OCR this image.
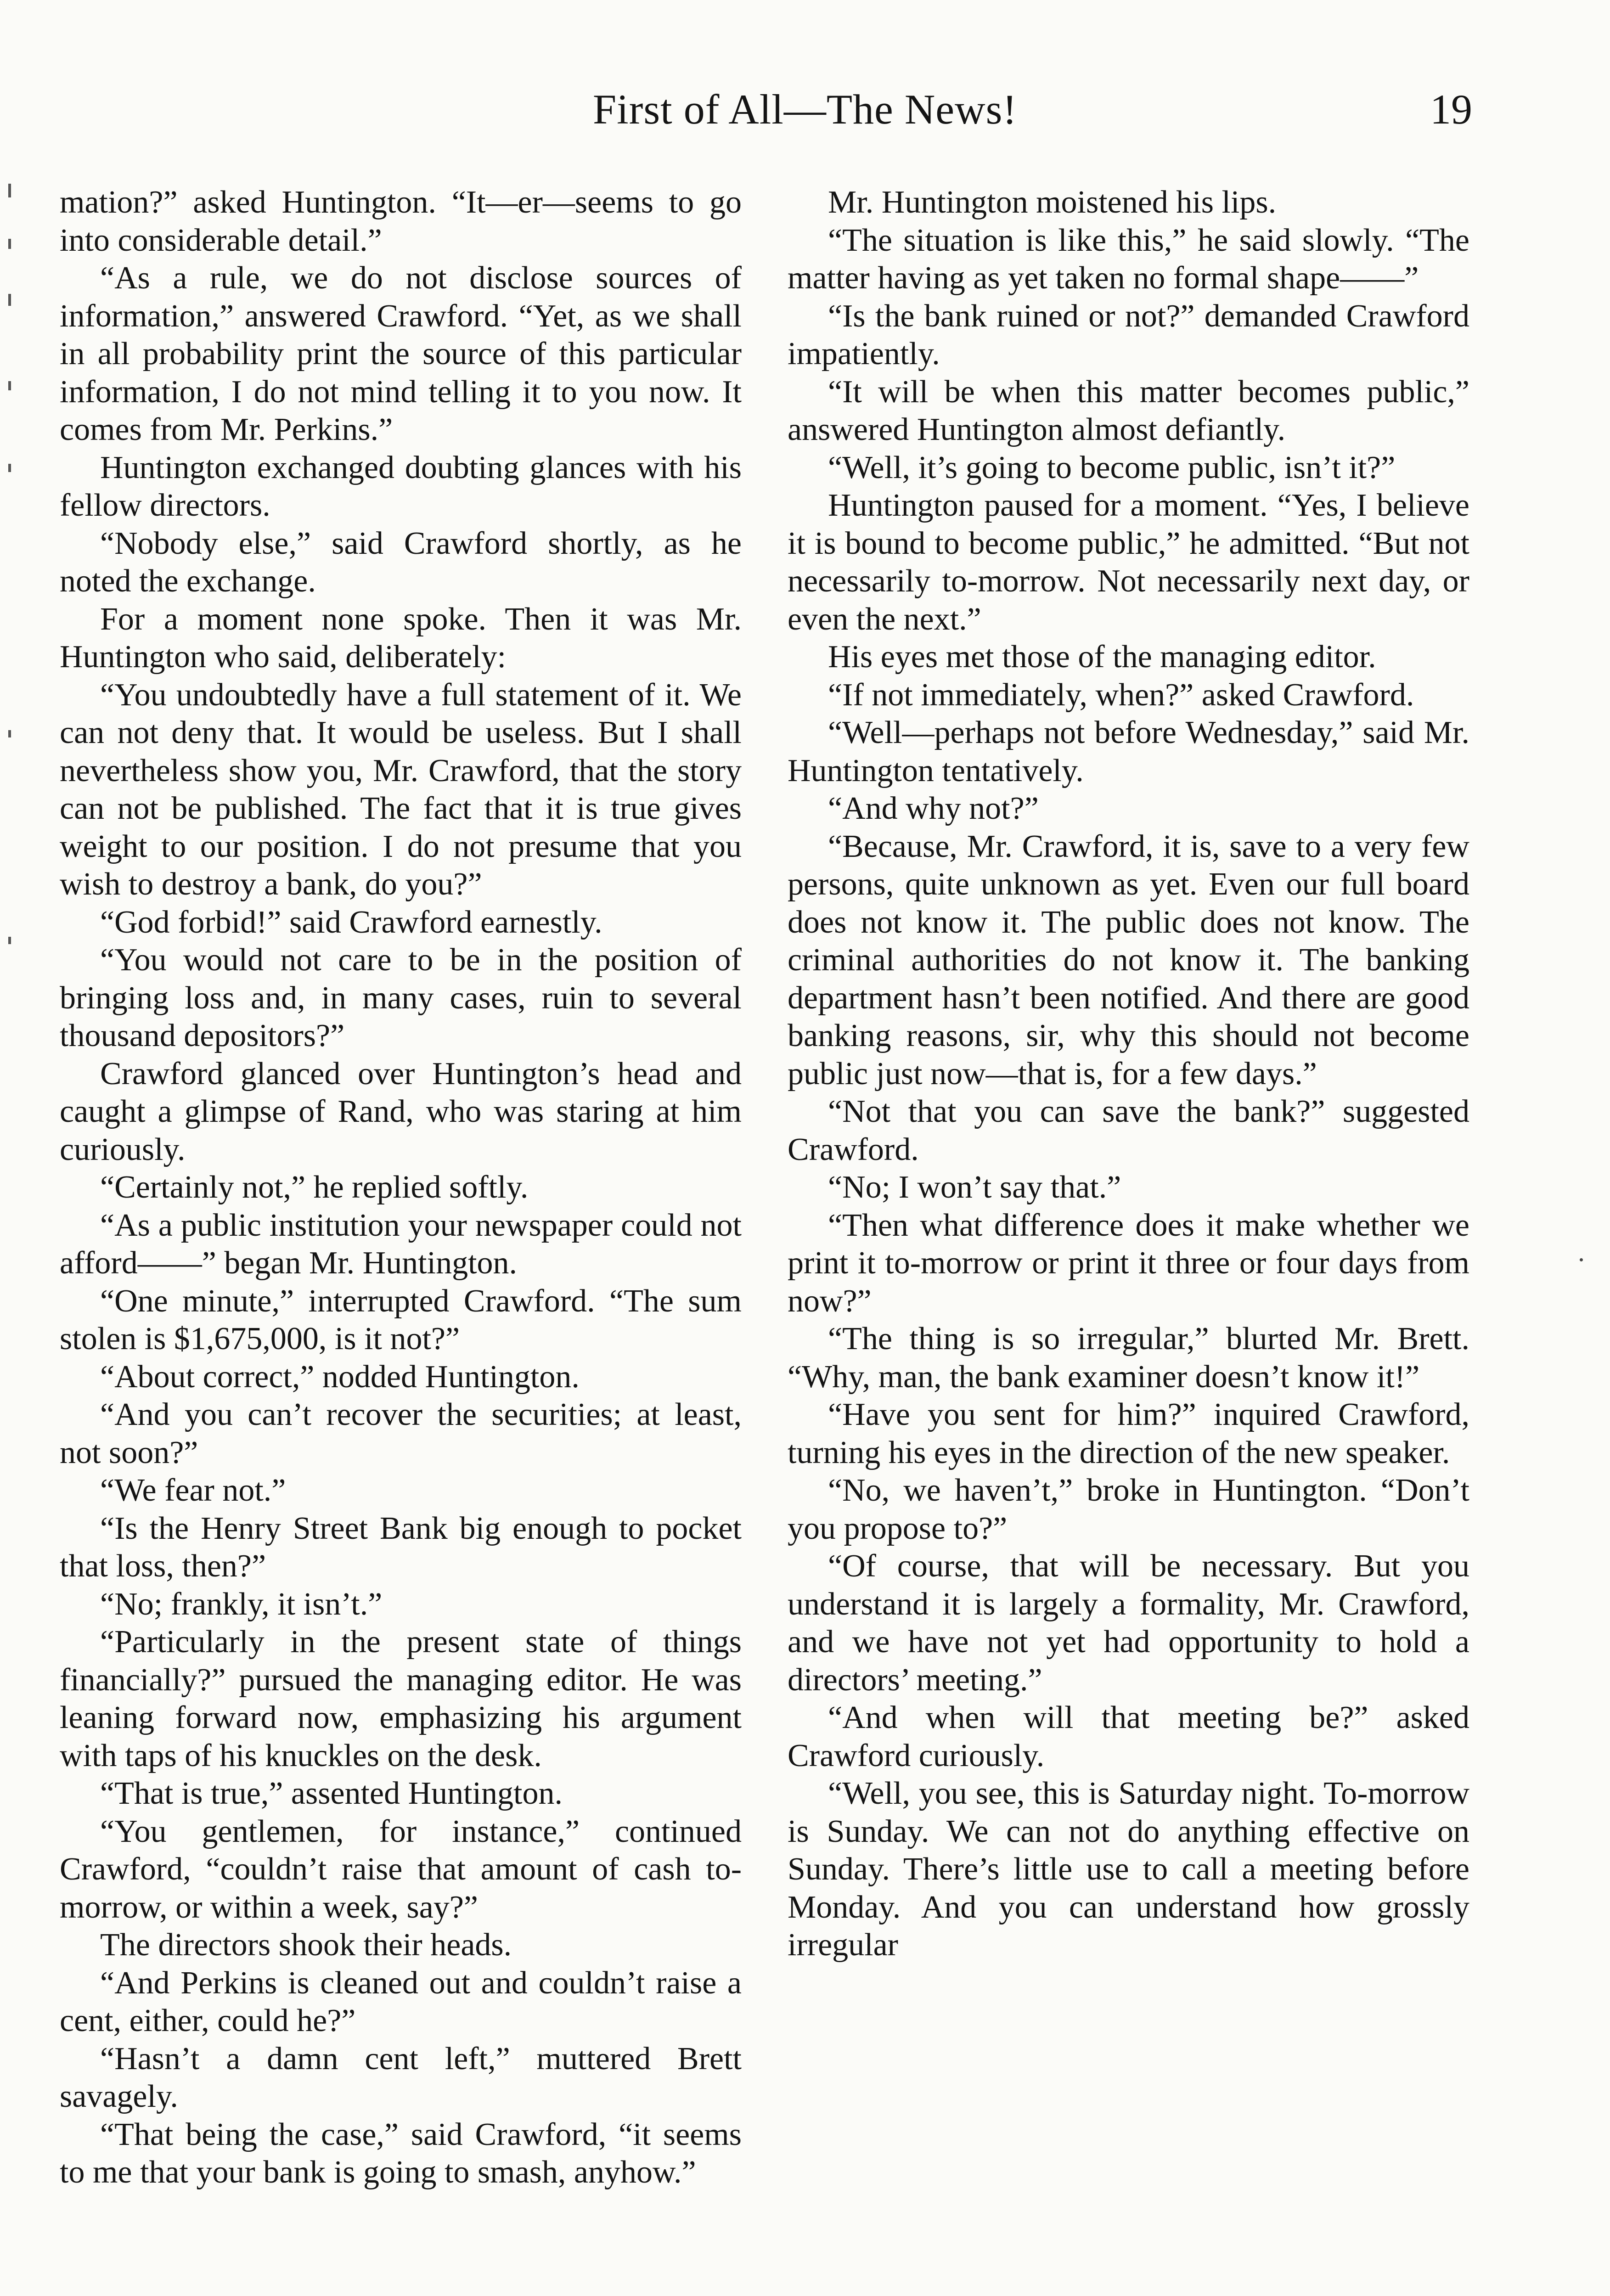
First of All—The News!	19

mation?” asked Huntington. “It—er—seems to go into considerable detail.”

“As a rule, we do not disclose sources of information,” answered Crawford. “Yet, as we shall in all probability print the source of this particular information, I do not mind telling it to you now. It comes from Mr. Perkins.”

Huntington exchanged doubting glances with his fellow directors.

“Nobody else,” said Crawford shortly, as he noted the exchange.

For a moment none spoke. Then it was Mr. Huntington who said, deliberately:

“You undoubtedly have a full statement of it. We can not deny that. It would be useless. But I shall nevertheless show you, Mr. Crawford, that the story can not be published. The fact that it is true gives weight to our position. I do not presume that you wish to destroy a bank, do you?”

“God forbid!” said Crawford earnestly.

“You would not care to be in the position of bringing loss and, in many cases, ruin to several thousand depositors?”

Crawford glanced over Huntington’s head and caught a glimpse of Rand, who was staring at him curiously.

“Certainly not,” he replied softly.

“As a public institution your newspaper could not afford——” began Mr. Huntington.

“One minute,” interrupted Crawford. “The sum stolen is $1,675,000, is it not?”

“About correct,” nodded Huntington.

“And you can’t recover the securities; at least, not soon?”

“We fear not.”

“Is the Henry Street Bank big enough to pocket that loss, then?”

“No; frankly, it isn’t.”

“Particularly in the present state of things financially?” pursued the managing editor. He was leaning forward now, emphasizing his argument with taps of his knuckles on the desk.

“That is true,” assented Huntington.

“You gentlemen, for instance,” continued Crawford, “couldn’t raise that amount of cash to-morrow, or within a week, say?”

The directors shook their heads.

“And Perkins is cleaned out and couldn’t raise a cent, either, could he?”

“Hasn’t a damn cent left,” muttered Brett savagely.

“That being the case,” said Crawford, “it seems to me that your bank is going to smash, anyhow.”

Mr. Huntington moistened his lips.

“The situation is like this,” he said slowly. “The matter having as yet taken no formal shape——”

“Is the bank ruined or not?” demanded Crawford impatiently.

“It will be when this matter becomes public,” answered Huntington almost defiantly.

“Well, it’s going to become public, isn’t it?”

Huntington paused for a moment. “Yes, I believe it is bound to become public,” he admitted. “But not necessarily to-morrow. Not necessarily next day, or even the next.”

His eyes met those of the managing editor.

“If not immediately, when?” asked Crawford.

“Well—perhaps not before Wednesday,” said Mr. Huntington tentatively.

“And why not?”

“Because, Mr. Crawford, it is, save to a very few persons, quite unknown as yet. Even our full board does not know it. The public does not know. The criminal authorities do not know it. The banking department hasn’t been notified. And there are good banking reasons, sir, why this should not become public just now—that is, for a few days.”

“Not that you can save the bank?” suggested Crawford.

“No; I won’t say that.”

“Then what difference does it make whether we print it to-morrow or print it three or four days from now?”

“The thing is so irregular,” blurted Mr. Brett. “Why, man, the bank examiner doesn’t know it!”

“Have you sent for him?” inquired Crawford, turning his eyes in the direction of the new speaker.

“No, we haven’t,” broke in Huntington. “Don’t you propose to?”

“Of course, that will be necessary. But you understand it is largely a formality, Mr. Crawford, and we have not yet had opportunity to hold a directors’ meeting.”

“And when will that meeting be?” asked Crawford curiously.

“Well, you see, this is Saturday night. To-morrow is Sunday. We can not do anything effective on Sunday. There’s little use to call a meeting before Monday. And you can understand how grossly irregular
